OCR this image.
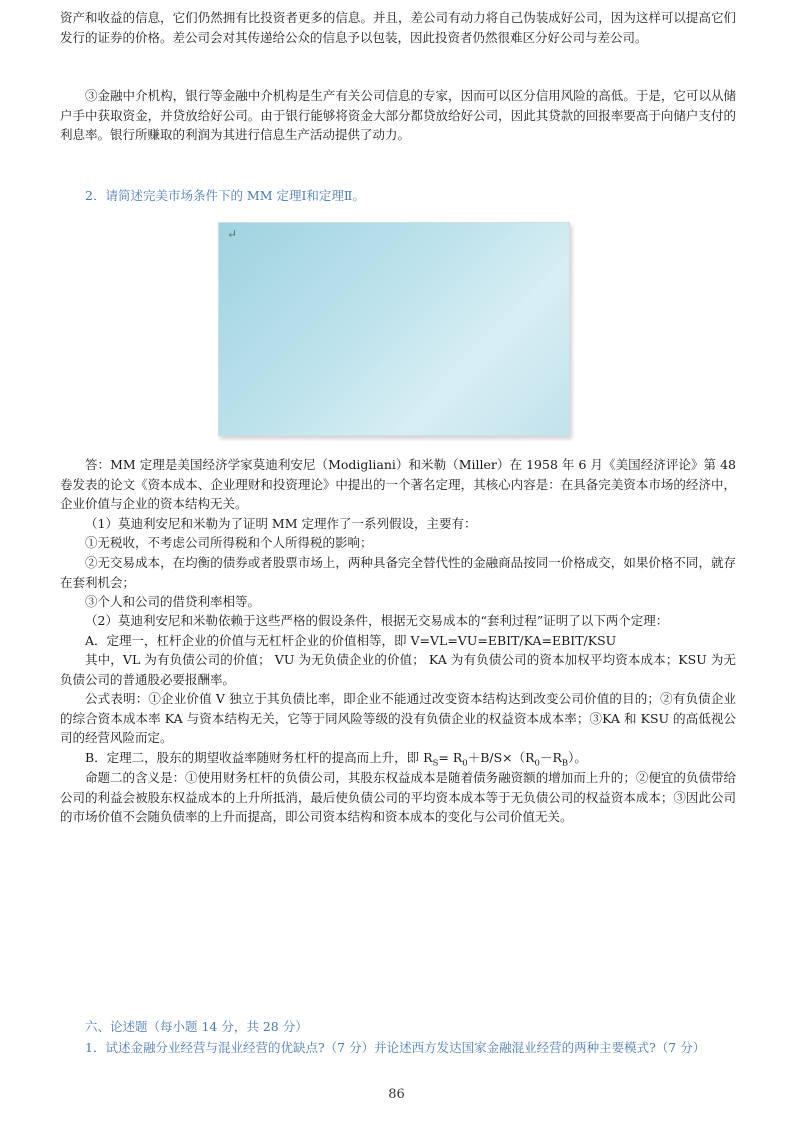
资产和收益的信息，它们仍然拥有比投资者更多的信息。并且，差公司有动力将自己伪装成好公司，因为这样可以提高它们发行的证券的价格。差公司会对其传递给公众的信息予以包装，因此投资者仍然很难区分好公司与差公司。

③金融中介机构，银行等金融中介机构是生产有关公司信息的专家，因而可以区分信用风险的高低。于是，它可以从储户手中获取资金，并贷放给好公司。由于银行能够将资金大部分都贷放给好公司，因此其贷款的回报率要高于向储户支付的利息率。银行所赚取的利润为其进行信息生产活动提供了动力。

2．请简述完美市场条件下的 MM 定理Ⅰ和定理Ⅱ。

↵

答：MM 定理是美国经济学家莫迪利安尼（Modigliani）和米勒（Miller）在 1958 年 6 月《美国经济评论》第 48 卷发表的论文《资本成本、企业理财和投资理论》中提出的一个著名定理，其核心内容是：在具备完美资本市场的经济中，企业价值与企业的资本结构无关。

（1）莫迪利安尼和米勒为了证明 MM 定理作了一系列假设，主要有：

①无税收，不考虑公司所得税和个人所得税的影响；

②无交易成本，在均衡的债券或者股票市场上，两种具备完全替代性的金融商品按同一价格成交，如果价格不同，就存在套利机会；

③个人和公司的借贷利率相等。

（2）莫迪利安尼和米勒依赖于这些严格的假设条件，根据无交易成本的“套利过程”证明了以下两个定理：

A．定理一，杠杆企业的价值与无杠杆企业的价值相等，即 V=VL=VU=EBIT/KA=EBIT/KSU

其中，VL 为有负债公司的价值； VU 为无负债企业的价值； KA 为有负债公司的资本加权平均资本成本；KSU 为无负债公司的普通股必要报酬率。

公式表明：①企业价值 V 独立于其负债比率，即企业不能通过改变资本结构达到改变公司价值的目的；②有负债企业的综合资本成本率 KA 与资本结构无关，它等于同风险等级的没有负债企业的权益资本成本率；③KA 和 KSU 的高低视公司的经营风险而定。

B．定理二，股东的期望收益率随财务杠杆的提高而上升，即 $R_S= R_0+B/S\times(R_0-R_B)$。

命题二的含义是：①使用财务杠杆的负债公司，其股东权益成本是随着债务融资额的增加而上升的；②便宜的负债带给公司的利益会被股东权益成本的上升所抵消，最后使负债公司的平均资本成本等于无负债公司的权益资本成本；③因此公司的市场价值不会随负债率的上升而提高，即公司资本结构和资本成本的变化与公司价值无关。

六、论述题（每小题 14 分，共 28 分）

1．试述金融分业经营与混业经营的优缺点?（7 分）并论述西方发达国家金融混业经营的两种主要模式?（7 分）

86
